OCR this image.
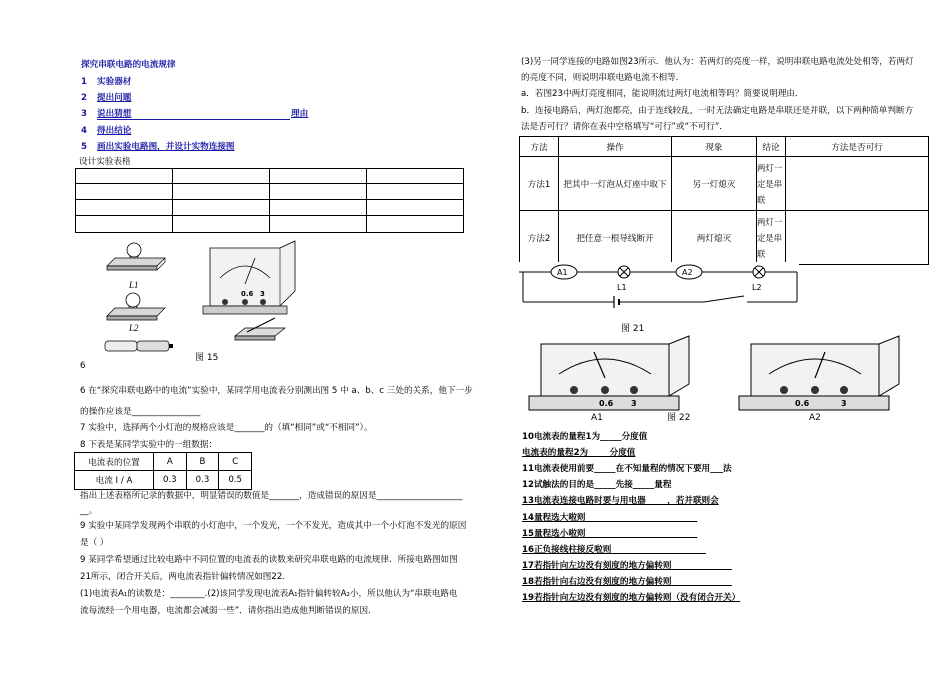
探究串联电路的电流规律
1 实验器材
2 提出问题
3 说出猜想	理由
4 得出结论
5 画出实验电路图，并设计实物连接图
设计实验表格

L1
L2
0.6 3
图 15
6
6 在“探究串联电路中的电流”实验中，某同学用电流表分别测出图 5 中 a、b、c 三处的关系，他下一步
的操作应该是________________
7 实验中，选择两个小灯泡的规格应该是_______的（填“相同”或“不相同”）。
8 下表是某同学实验中的一组数据：
电流表的位置	A	B	C
电流 I / A	0.3	0.3	0.5
指出上述表格所记录的数据中，明显错误的数值是_______，造成错误的原因是____________________
__。
9 实验中某同学发现两个串联的小灯泡中，一个发光，一个不发光，造成其中一个小灯泡不发光的原因
是（ ）
9 某同学希望通过比较电路中不同位置的电流表的读数来研究串联电路的电流规律．所接电路图如图
21所示，闭合开关后，两电流表指针偏转情况如图22.
(1)电流表A₁的读数是：________.(2)该同学发现电流表A₁指针偏转较A₂小，所以他认为“串联电路电
流每流经一个用电器，电流都会减弱一些”．请你指出造成他判断错误的原因．
(3)另一同学连接的电路如图23所示．他认为：若两灯的亮度一样，说明串联电路电流处处相等，若两灯
的亮度不同，则说明串联电路电流不相等．
a．若图23中两灯亮度相同，能说明流过两灯电流相等吗？简要说明理由．
b．连接电路后，两灯泡都亮，由于连线较乱，一时无法确定电路是串联还是并联，以下两种简单判断方
法是否可行？请你在表中空格填写“可行”或“不可行”．
方法	操作	现象	结论	方法是否可行
方法1	把其中一灯泡从灯座中取下	另一灯熄灭	两灯一定是串联	
方法2	把任意一根导线断开	两灯熄灭	两灯一定是串联	
A1
L1
A2
L2
图 21
0.6 3
A1	图 22
0.6	3
A2
10电流表的量程1为_____分度值
电流表的量程2为_____分度值
11电流表使用前要_____在不知量程的情况下要用___法
12试触法的目的是_____先接_____量程
13电流表连接电路时要与用电器_____，若并联则会
14量程选大啦则__________________________
15量程选小啦则__________________________
16正负接线柱接反啦则______________________
17若指针向左边没有刻度的地方偏转则______________
18若指针向右边没有刻度的地方偏转则______________
19若指针向左边没有刻度的地方偏转则（没有闭合开关）
